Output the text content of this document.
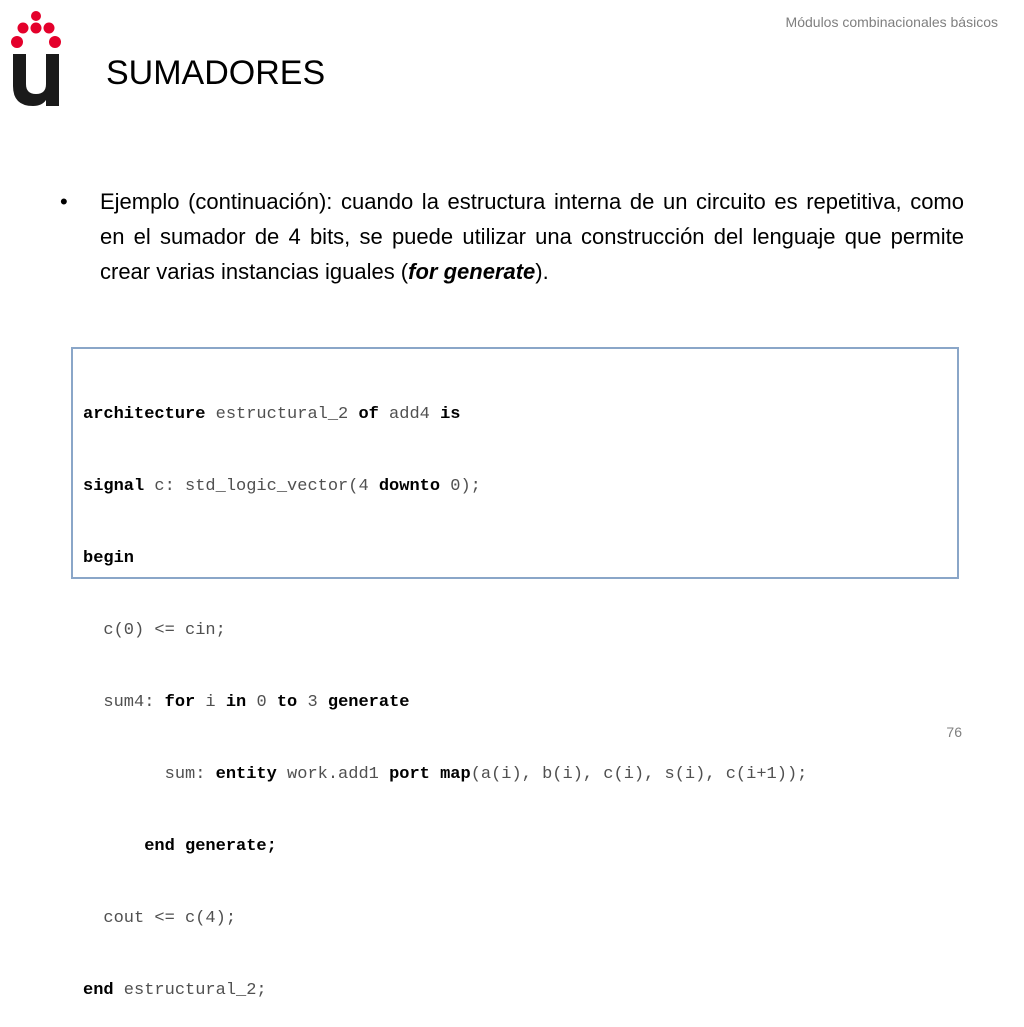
Módulos combinacionales básicos
SUMADORES
• Ejemplo (continuación): cuando la estructura interna de un circuito es repetitiva, como en el sumador de 4 bits, se puede utilizar una construcción del lenguaje que permite crear varias instancias iguales (for generate).

architecture estructural_2 of add4 is

signal c: std_logic_vector(4 downto 0);

begin

c(0) <= cin;

sum4: for i in 0 to 3 generate

sum: entity work.add1 port map(a(i), b(i), c(i), s(i), c(i+1));

end generate;

cout <= c(4);

end estructural_2;

76
